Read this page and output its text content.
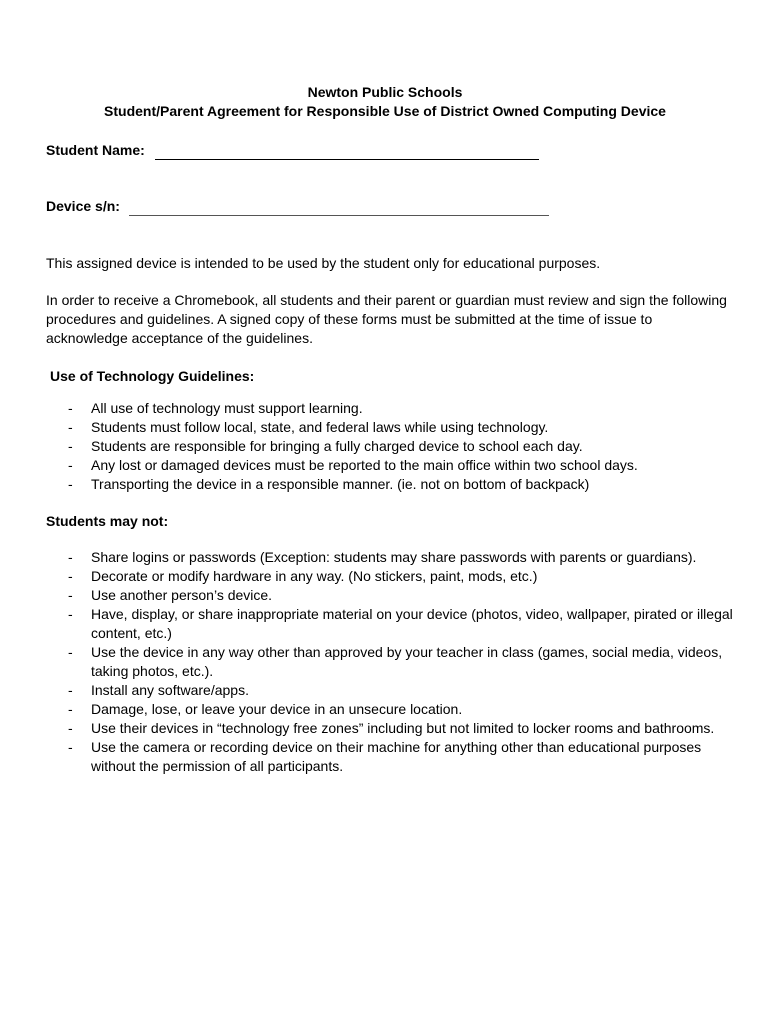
Newton Public Schools
Student/Parent Agreement for Responsible Use of District Owned Computing Device
Student Name:
Device s/n:
This assigned device is intended to be used by the student only for educational purposes.
In order to receive a Chromebook, all students and their parent or guardian must review and sign the following procedures and guidelines. A signed copy of these forms must be submitted at the time of issue to acknowledge acceptance of the guidelines.
Use of Technology Guidelines:
- All use of technology must support learning.
- Students must follow local, state, and federal laws while using technology.
- Students are responsible for bringing a fully charged device to school each day.
- Any lost or damaged devices must be reported to the main office within two school days.
- Transporting the device in a responsible manner. (ie. not on bottom of backpack)
Students may not:
- Share logins or passwords (Exception: students may share passwords with parents or guardians).
- Decorate or modify hardware in any way. (No stickers, paint, mods, etc.)
- Use another person’s device.
- Have, display, or share inappropriate material on your device (photos, video, wallpaper, pirated or illegal content, etc.)
- Use the device in any way other than approved by your teacher in class (games, social media, videos, taking photos, etc.).
- Install any software/apps.
- Damage, lose, or leave your device in an unsecure location.
- Use their devices in “technology free zones” including but not limited to locker rooms and bathrooms.
- Use the camera or recording device on their machine for anything other than educational purposes without the permission of all participants.
